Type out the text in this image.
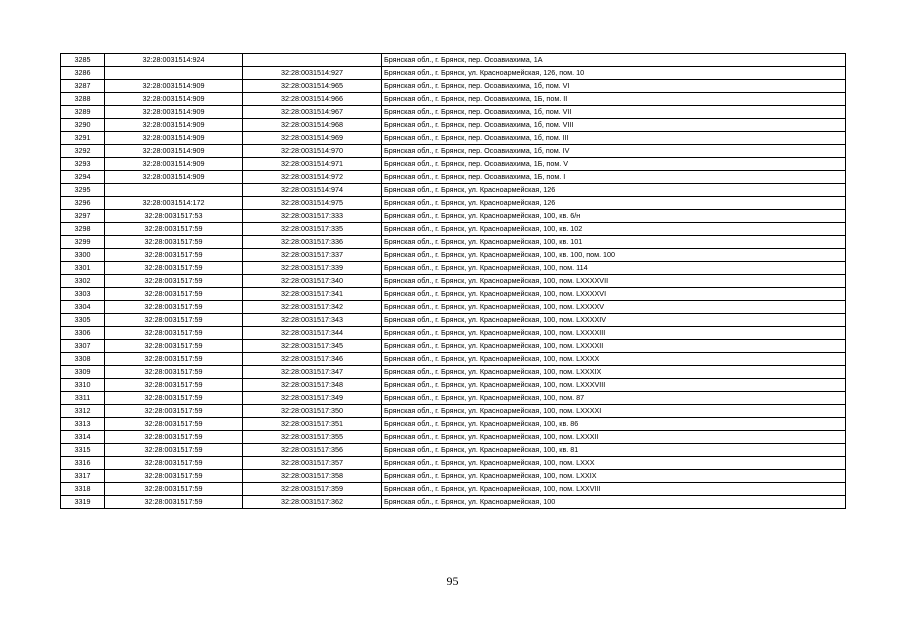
3285	32:28:0031514:924		Брянская обл., г. Брянск, пер. Осоавиахима, 1А
3286		32:28:0031514:927	Брянская обл., г. Брянск, ул. Красноармейская, 126, пом. 10
3287	32:28:0031514:909	32:28:0031514:965	Брянская обл., г. Брянск, пер. Осоавиахима, 1б, пом. VI
3288	32:28:0031514:909	32:28:0031514:966	Брянская обл., г. Брянск, пер. Осоавиахима, 1Б, пом. II
3289	32:28:0031514:909	32:28:0031514:967	Брянская обл., г. Брянск, пер. Осоавиахима, 1б, пом. VII
3290	32:28:0031514:909	32:28:0031514:968	Брянская обл., г. Брянск, пер. Осоавиахима, 1б, пом. VIII
3291	32:28:0031514:909	32:28:0031514:969	Брянская обл., г. Брянск, пер. Осоавиахима, 1б, пом. III
3292	32:28:0031514:909	32:28:0031514:970	Брянская обл., г. Брянск, пер. Осоавиахима, 1б, пом. IV
3293	32:28:0031514:909	32:28:0031514:971	Брянская обл., г. Брянск, пер. Осоавиахима, 1Б, пом. V
3294	32:28:0031514:909	32:28:0031514:972	Брянская обл., г. Брянск, пер. Осоавиахима, 1Б, пом. I
3295		32:28:0031514:974	Брянская обл., г. Брянск, ул. Красноармейская, 126
3296	32:28:0031514:172	32:28:0031514:975	Брянская обл., г. Брянск, ул. Красноармейская, 126
3297	32:28:0031517:53	32:28:0031517:333	Брянская обл., г. Брянск, ул. Красноармейская, 100, кв. 6/н
3298	32:28:0031517:59	32:28:0031517:335	Брянская обл., г. Брянск, ул. Красноармейская, 100, кв. 102
3299	32:28:0031517:59	32:28:0031517:336	Брянская обл., г. Брянск, ул. Красноармейская, 100, кв. 101
3300	32:28:0031517:59	32:28:0031517:337	Брянская обл., г. Брянск, ул. Красноармейская, 100, кв. 100, пом. 100
3301	32:28:0031517:59	32:28:0031517:339	Брянская обл., г. Брянск, ул. Красноармейская, 100, пом. 114
3302	32:28:0031517:59	32:28:0031517:340	Брянская обл., г. Брянск, ул. Красноармейская, 100, пом. LXXXXVII
3303	32:28:0031517:59	32:28:0031517:341	Брянская обл., г. Брянск, ул. Красноармейская, 100, пом. LXXXXVI
3304	32:28:0031517:59	32:28:0031517:342	Брянская обл., г. Брянск, ул. Красноармейская, 100, пом. LXXXXV
3305	32:28:0031517:59	32:28:0031517:343	Брянская обл., г. Брянск, ул. Красноармейская, 100, пом. LXXXXIV
3306	32:28:0031517:59	32:28:0031517:344	Брянская обл., г. Брянск, ул. Красноармейская, 100, пом. LXXXXIII
3307	32:28:0031517:59	32:28:0031517:345	Брянская обл., г. Брянск, ул. Красноармейская, 100, пом. LXXXXII
3308	32:28:0031517:59	32:28:0031517:346	Брянская обл., г. Брянск, ул. Красноармейская, 100, пом. LXXXX
3309	32:28:0031517:59	32:28:0031517:347	Брянская обл., г. Брянск, ул. Красноармейская, 100, пом. LXXXIX
3310	32:28:0031517:59	32:28:0031517:348	Брянская обл., г. Брянск, ул. Красноармейская, 100, пом. LXXXVIII
3311	32:28:0031517:59	32:28:0031517:349	Брянская обл., г. Брянск, ул. Красноармейская, 100, пом. 87
3312	32:28:0031517:59	32:28:0031517:350	Брянская обл., г. Брянск, ул. Красноармейская, 100, пом. LXXXXI
3313	32:28:0031517:59	32:28:0031517:351	Брянская обл., г. Брянск, ул. Красноармейская, 100, кв. 86
3314	32:28:0031517:59	32:28:0031517:355	Брянская обл., г. Брянск, ул. Красноармейская, 100, пом. LXXXII
3315	32:28:0031517:59	32:28:0031517:356	Брянская обл., г. Брянск, ул. Красноармейская, 100, кв. 81
3316	32:28:0031517:59	32:28:0031517:357	Брянская обл., г. Брянск, ул. Красноармейская, 100, пом. LXXX
3317	32:28:0031517:59	32:28:0031517:358	Брянская обл., г. Брянск, ул. Красноармейская, 100, пом. LXXIX
3318	32:28:0031517:59	32:28:0031517:359	Брянская обл., г. Брянск, ул. Красноармейская, 100, пом. LXXVIII
3319	32:28:0031517:59	32:28:0031517:362	Брянская обл., г. Брянск, ул. Красноармейская, 100
95
